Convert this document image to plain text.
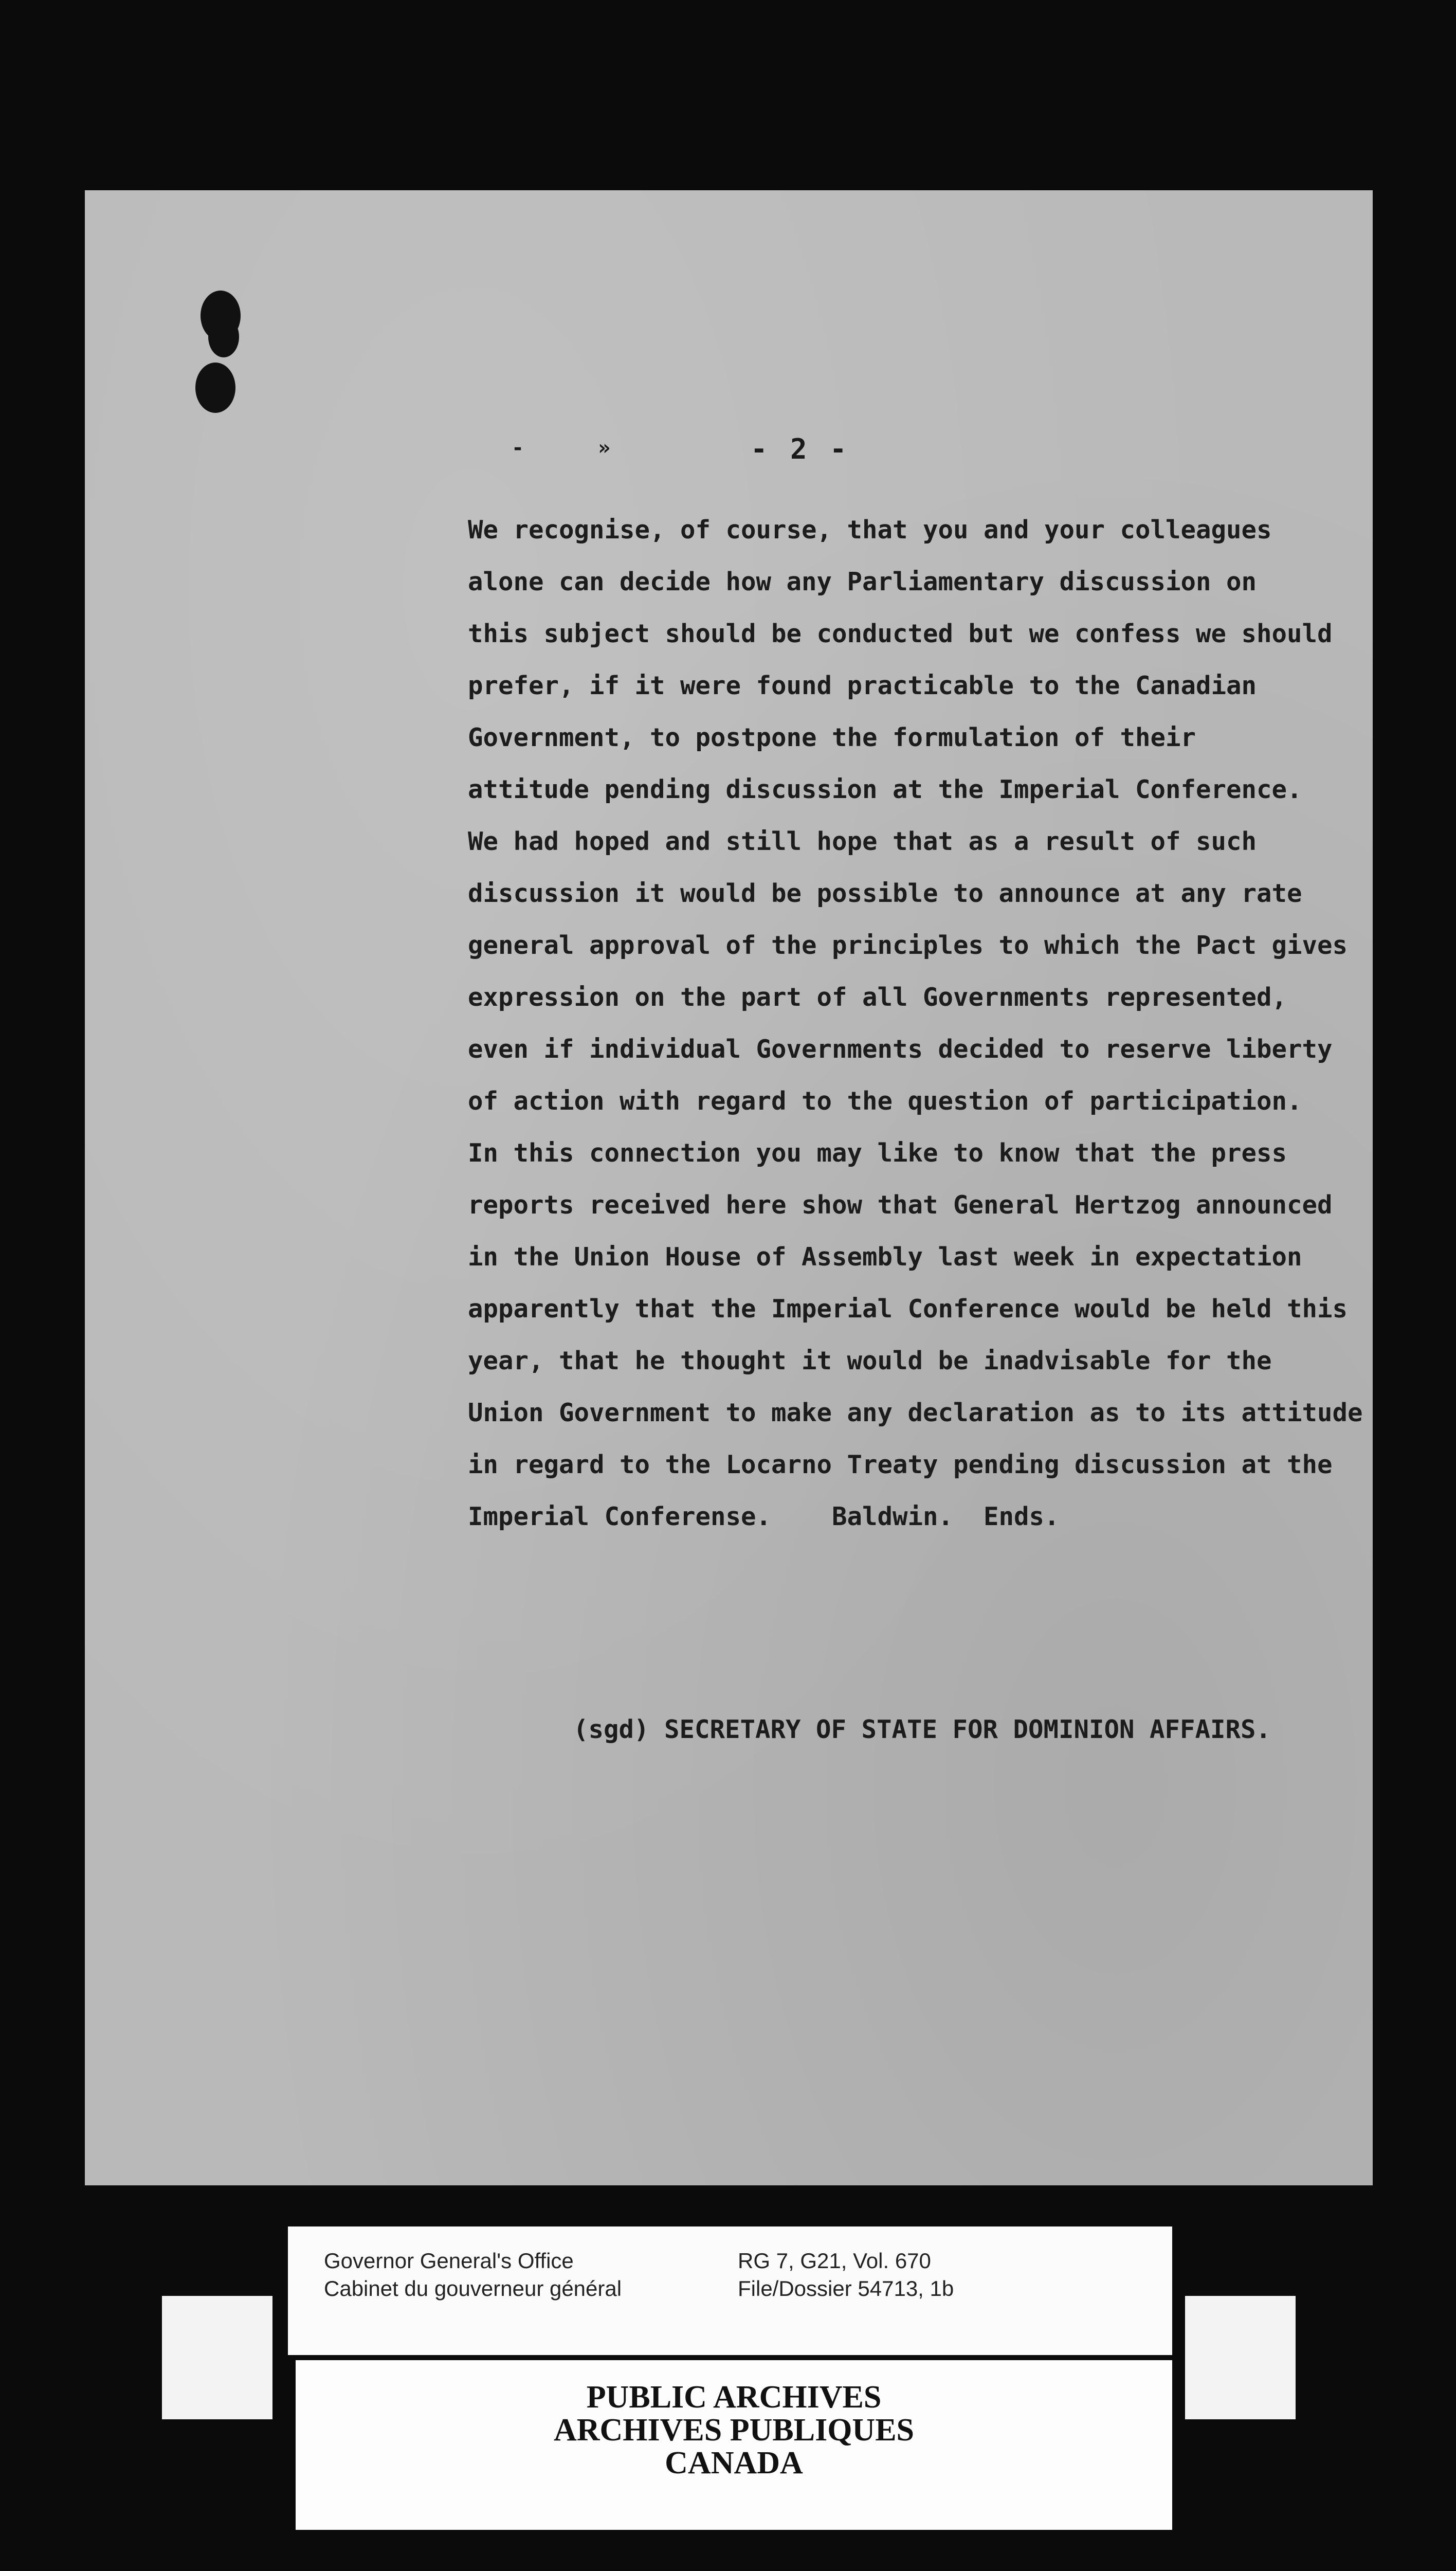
- »	- 2 -
We recognise, of course, that you and your colleagues
alone can decide how any Parliamentary discussion on
this subject should be conducted but we confess we should
prefer, if it were found practicable to the Canadian
Government, to postpone the formulation of their
attitude pending discussion at the Imperial Conference.
We had hoped and still hope that as a result of such
discussion it would be possible to announce at any rate
general approval of the principles to which the Pact gives
expression on the part of all Governments represented,
even if individual Governments decided to reserve liberty
of action with regard to the question of participation.
In this connection you may like to know that the press
reports received here show that General Hertzog announced
in the Union House of Assembly last week in expectation
apparently that the Imperial Conference would be held this
year, that he thought it would be inadvisable for the
Union Government to make any declaration as to its attitude
in regard to the Locarno Treaty pending discussion at the
Imperial Conferense.    Baldwin.  Ends.
(sgd) SECRETARY OF STATE FOR DOMINION AFFAIRS.
Governor General's Office
Cabinet du gouverneur général
RG 7, G21, Vol. 670
File/Dossier 54713, 1b
PUBLIC ARCHIVES
ARCHIVES PUBLIQUES
CANADA
